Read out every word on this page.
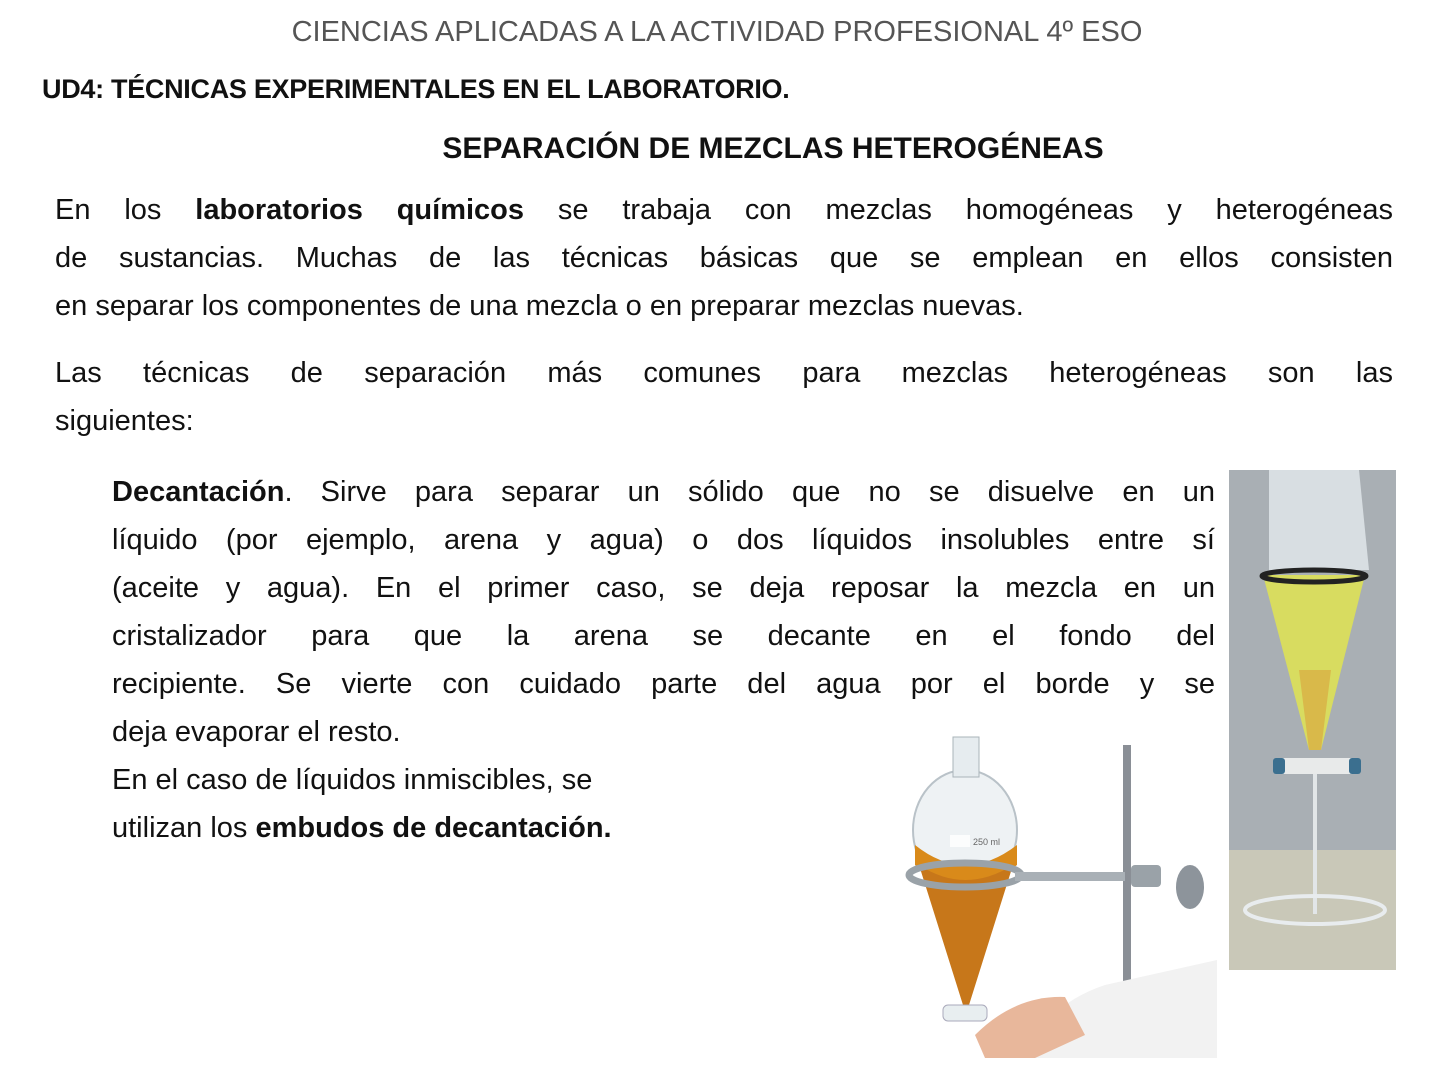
CIENCIAS APLICADAS A LA ACTIVIDAD PROFESIONAL 4º ESO
UD4: TÉCNICAS EXPERIMENTALES EN EL LABORATORIO.
SEPARACIÓN DE MEZCLAS HETEROGÉNEAS
En los laboratorios químicos se trabaja con mezclas homogéneas y heterogéneas
de sustancias. Muchas de las técnicas básicas que se emplean en ellos consisten
en separar los componentes de una mezcla o en preparar mezclas nuevas.
Las técnicas de separación más comunes para mezclas heterogéneas son las
siguientes:
Decantación. Sirve para separar un sólido que no se disuelve en un
líquido (por ejemplo, arena y agua) o dos líquidos insolubles entre sí
(aceite y agua). En el primer caso, se deja reposar la mezcla en un
cristalizador para que la arena se decante en el fondo del
recipiente. Se vierte con cuidado parte del agua por el borde y se
deja evaporar el resto.
En el caso de líquidos inmiscibles, se
utilizan los embudos de decantación.	250 ml
